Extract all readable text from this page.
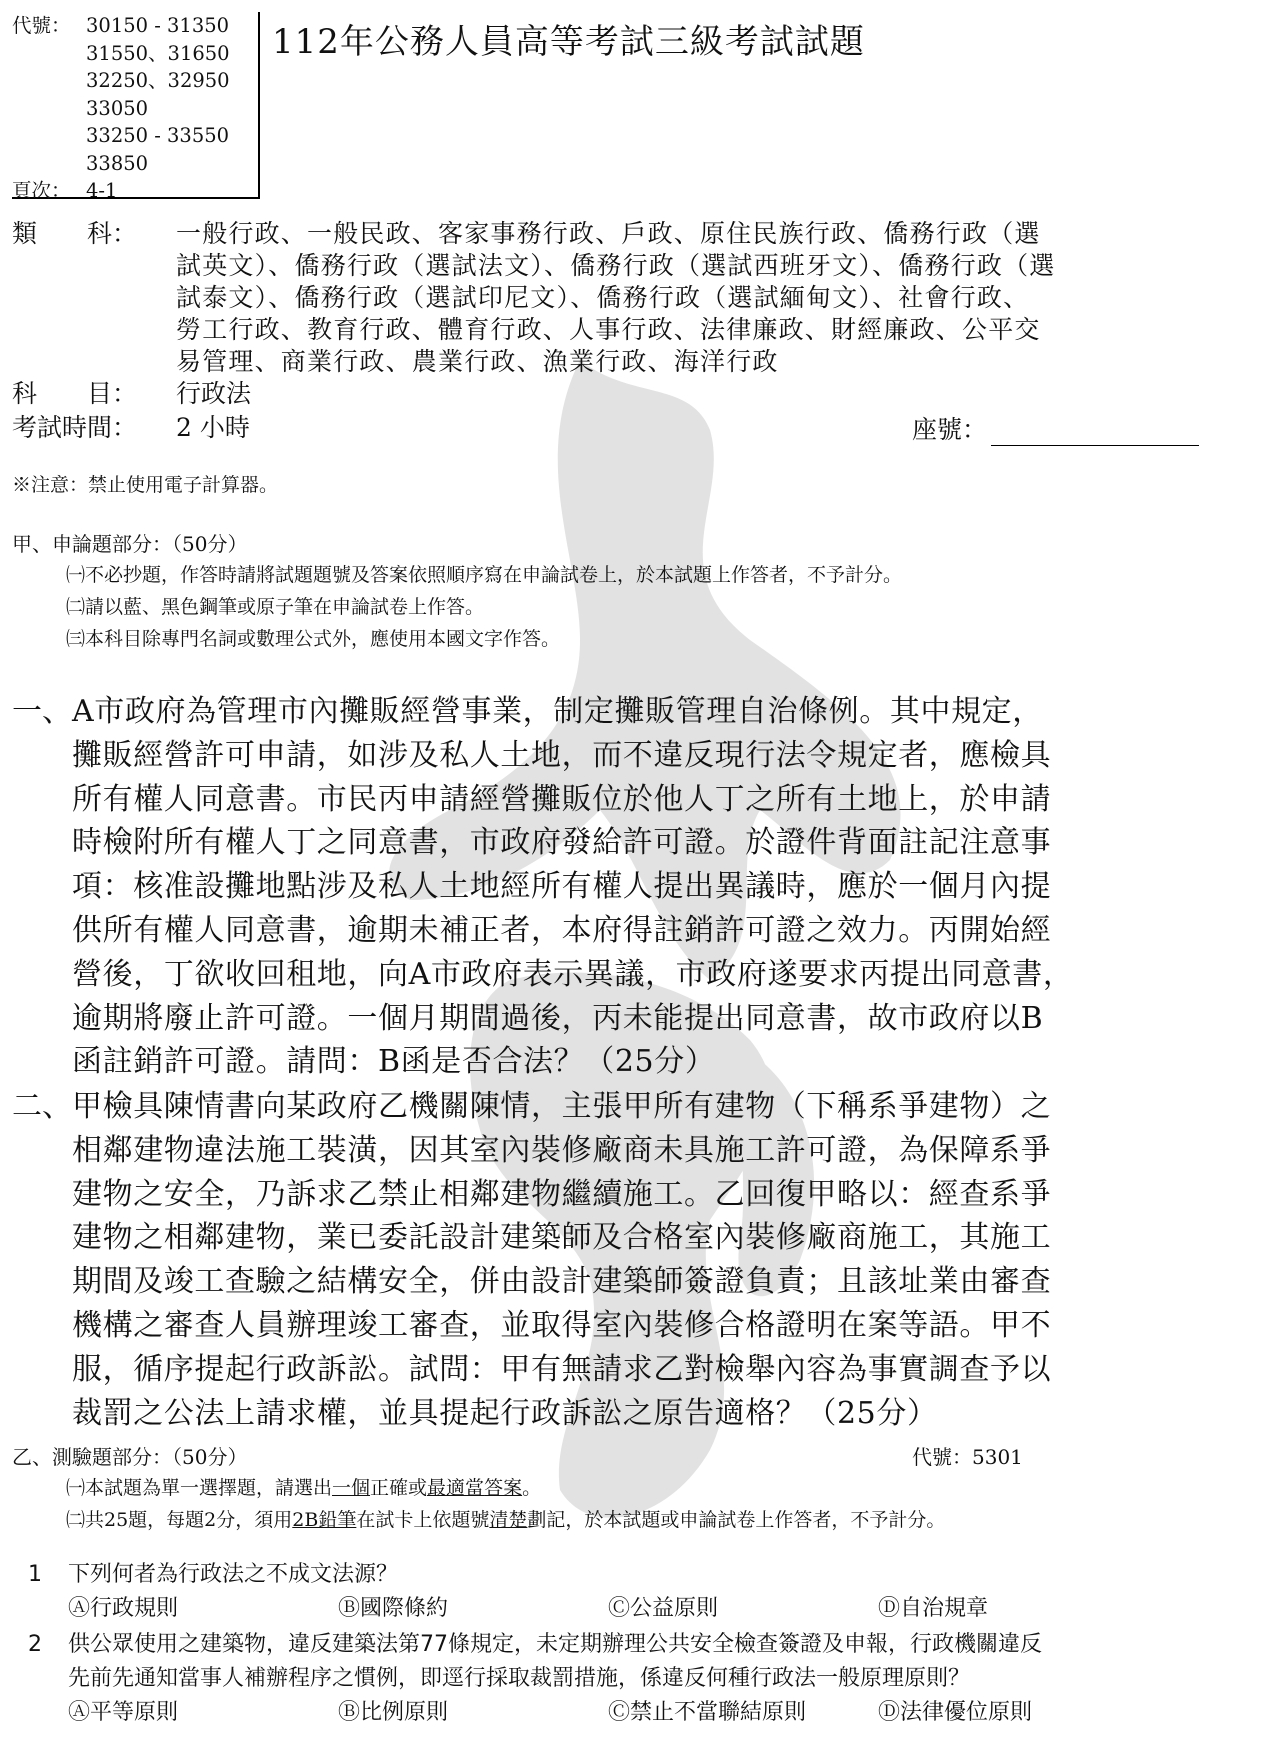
代號： 30150 - 31350
31550、31650
32250、32950
33050
33250 - 33550
33850
頁次： 4-1
112年公務人員高等考試三級考試試題
類　　科： 一般行政、一般民政、客家事務行政、戶政、原住民族行政、僑務行政（選
試英文）、僑務行政（選試法文）、僑務行政（選試西班牙文）、僑務行政（選
試泰文）、僑務行政（選試印尼文）、僑務行政（選試緬甸文）、社會行政、
勞工行政、教育行政、體育行政、人事行政、法律廉政、財經廉政、公平交
易管理、商業行政、農業行政、漁業行政、海洋行政
科　　目： 行政法
考試時間： 2 小時	座號：
※注意：禁止使用電子計算器。
甲、申論題部分：（50分）
㈠不必抄題，作答時請將試題題號及答案依照順序寫在申論試卷上，於本試題上作答者，不予計分。
㈡請以藍、黑色鋼筆或原子筆在申論試卷上作答。
㈢本科目除專門名詞或數理公式外，應使用本國文字作答。
一、 A市政府為管理市內攤販經營事業，制定攤販管理自治條例。其中規定，
攤販經營許可申請，如涉及私人土地，而不違反現行法令規定者，應檢具
所有權人同意書。市民丙申請經營攤販位於他人丁之所有土地上，於申請
時檢附所有權人丁之同意書，市政府發給許可證。於證件背面註記注意事
項：核准設攤地點涉及私人土地經所有權人提出異議時，應於一個月內提
供所有權人同意書，逾期未補正者，本府得註銷許可證之效力。丙開始經
營後，丁欲收回租地，向A市政府表示異議，市政府遂要求丙提出同意書，
逾期將廢止許可證。一個月期間過後，丙未能提出同意書，故市政府以B
函註銷許可證。請問：B函是否合法？（25分）
二、 甲檢具陳情書向某政府乙機關陳情，主張甲所有建物（下稱系爭建物）之
相鄰建物違法施工裝潢，因其室內裝修廠商未具施工許可證，為保障系爭
建物之安全，乃訴求乙禁止相鄰建物繼續施工。乙回復甲略以：經查系爭
建物之相鄰建物，業已委託設計建築師及合格室內裝修廠商施工，其施工
期間及竣工查驗之結構安全，併由設計建築師簽證負責；且該址業由審查
機構之審查人員辦理竣工審查，並取得室內裝修合格證明在案等語。甲不
服，循序提起行政訴訟。試問：甲有無請求乙對檢舉內容為事實調查予以
裁罰之公法上請求權，並具提起行政訴訟之原告適格？（25分）
乙、測驗題部分：（50分）	代號：5301
㈠本試題為單一選擇題，請選出一個正確或最適當答案。
㈡共25題，每題2分，須用2B鉛筆在試卡上依題號清楚劃記，於本試題或申論試卷上作答者，不予計分。
1 下列何者為行政法之不成文法源？
Ⓐ行政規則	Ⓑ國際條約	Ⓒ公益原則	Ⓓ自治規章
2 供公眾使用之建築物，違反建築法第77條規定，未定期辦理公共安全檢查簽證及申報，行政機關違反
先前先通知當事人補辦程序之慣例，即逕行採取裁罰措施，係違反何種行政法一般原理原則？
Ⓐ平等原則	Ⓑ比例原則	Ⓒ禁止不當聯結原則	Ⓓ法律優位原則
